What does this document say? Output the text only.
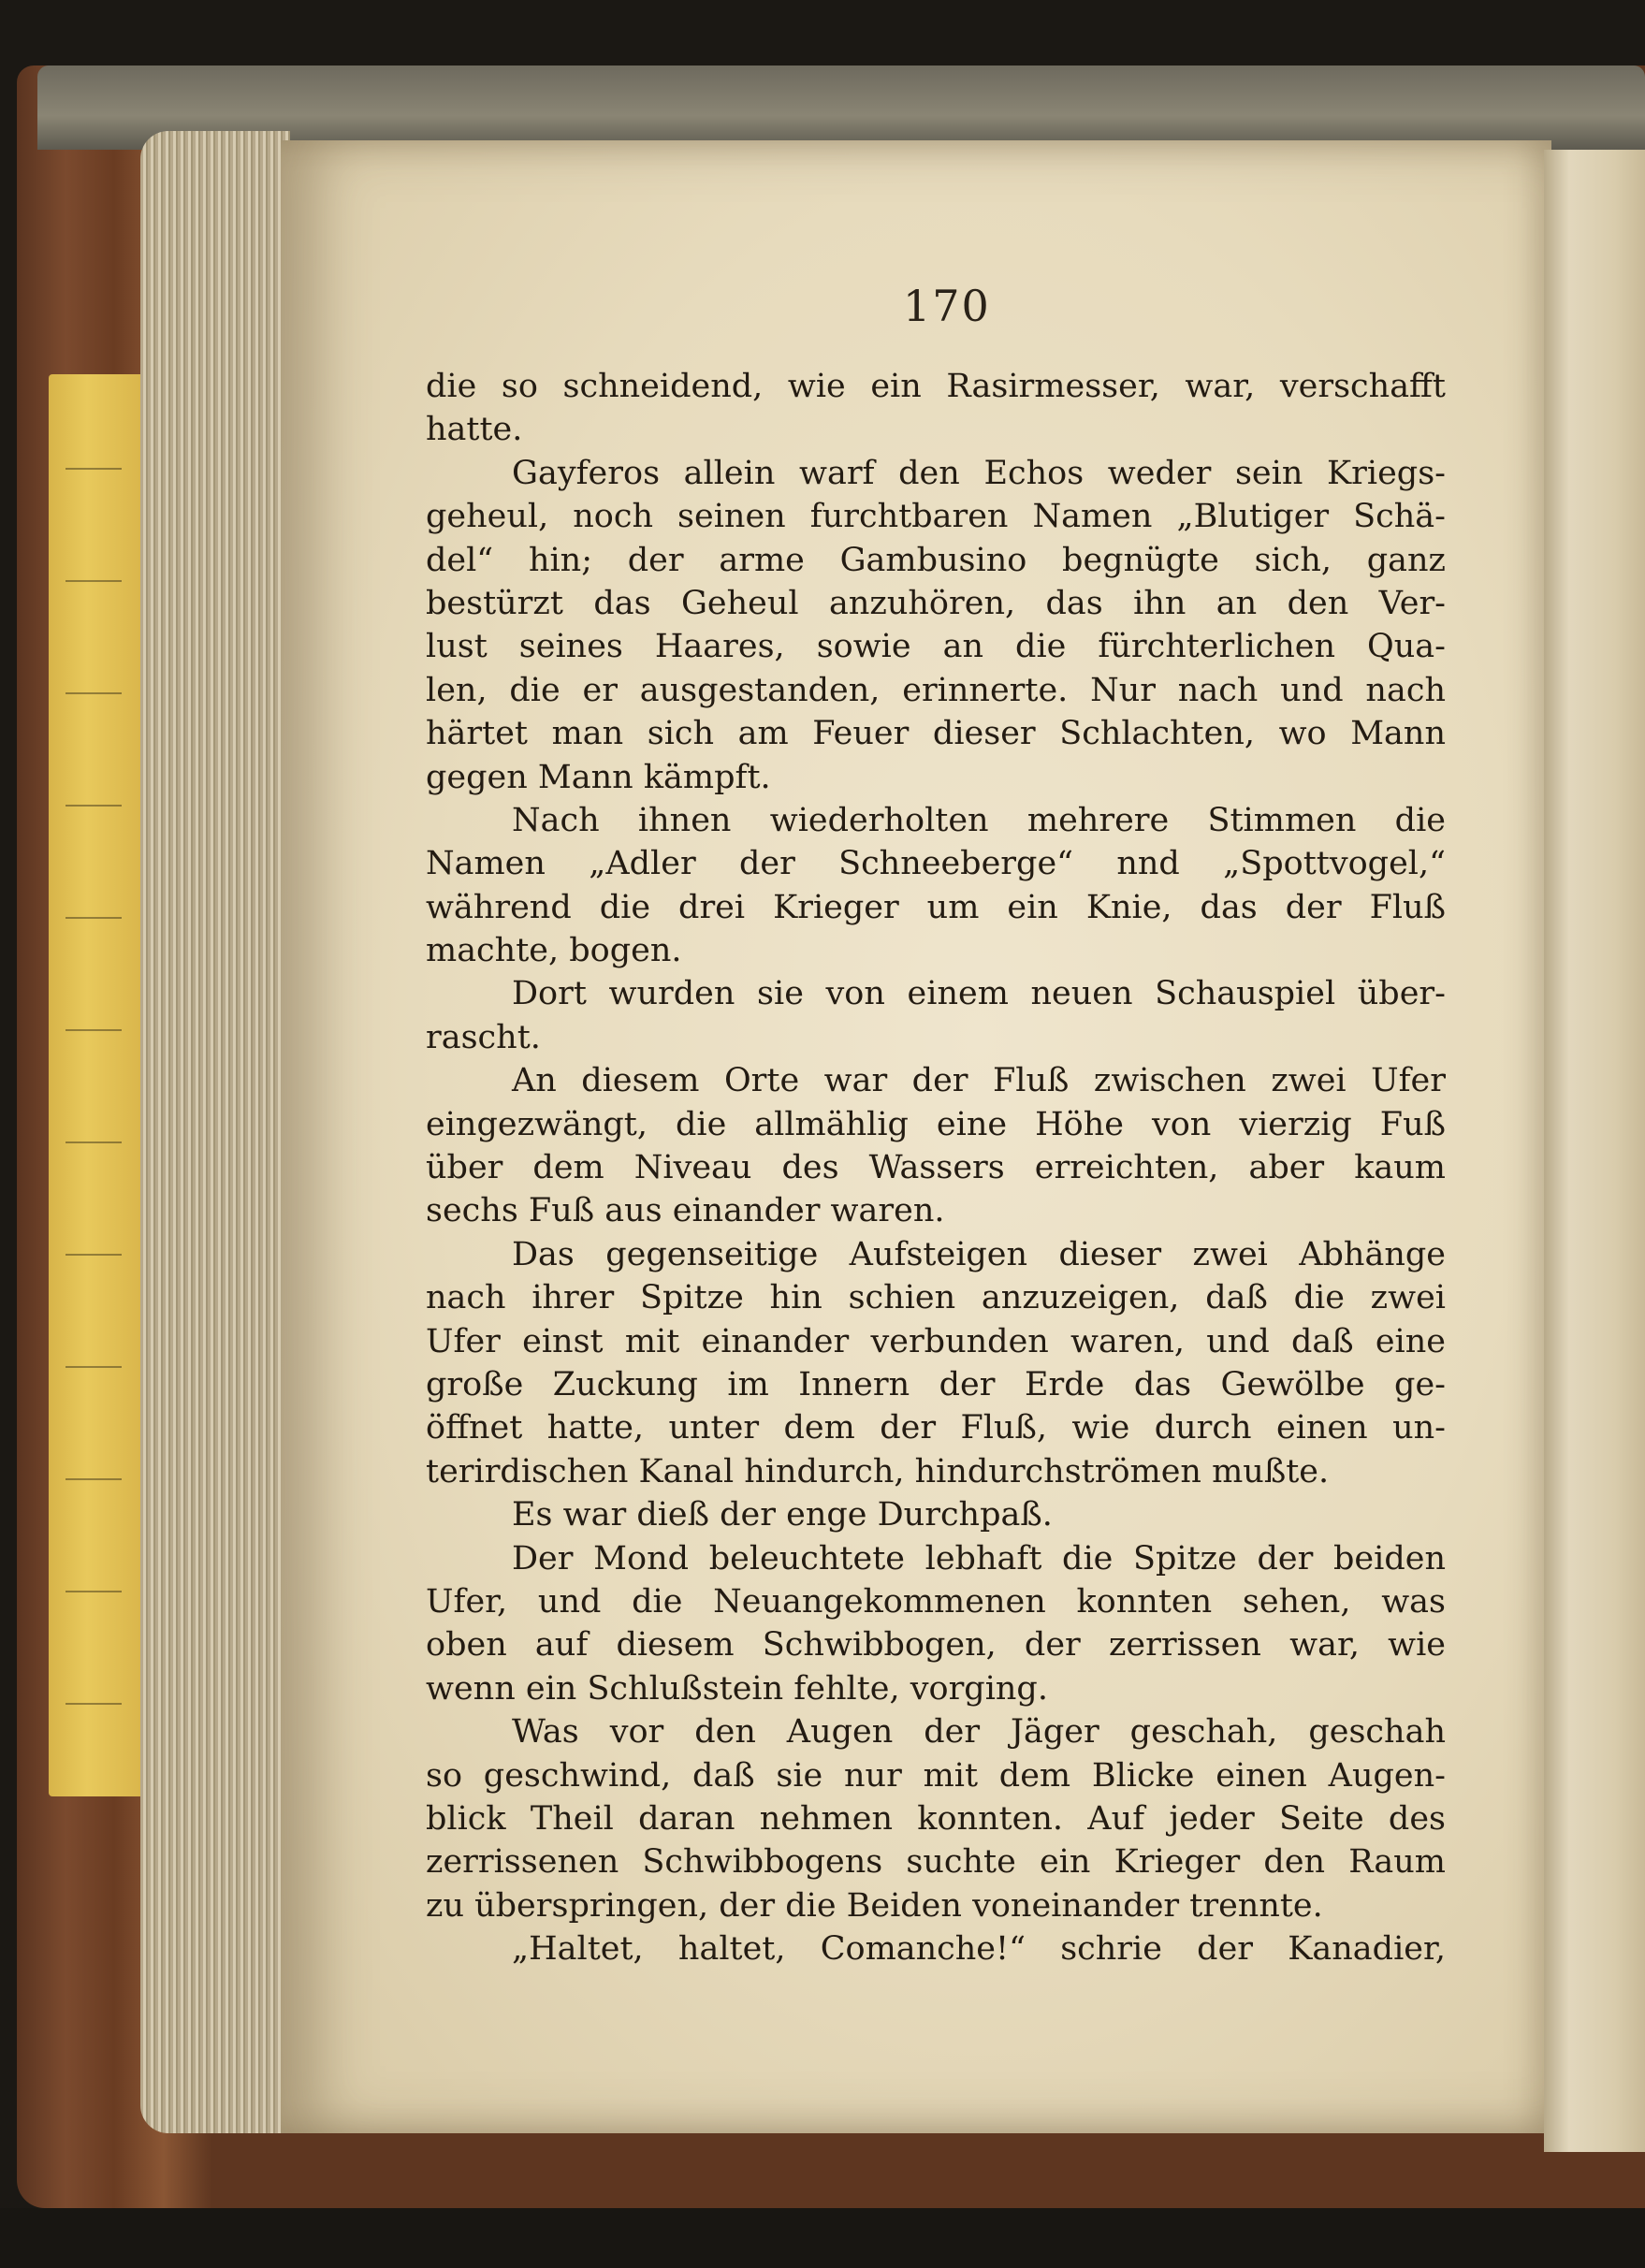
170
die so schneidend, wie ein Rasirmesser, war, verschafft
hatte.
Gayferos allein warf den Echos weder sein Kriegs-
geheul, noch seinen furchtbaren Namen „Blutiger Schä-
del“ hin; der arme Gambusino begnügte sich, ganz
bestürzt das Geheul anzuhören, das ihn an den Ver-
lust seines Haares, sowie an die fürchterlichen Qua-
len, die er ausgestanden, erinnerte. Nur nach und nach
härtet man sich am Feuer dieser Schlachten, wo Mann
gegen Mann kämpft.
Nach ihnen wiederholten mehrere Stimmen die
Namen „Adler der Schneeberge“ nnd „Spottvogel,“
während die drei Krieger um ein Knie, das der Fluß
machte, bogen.
Dort wurden sie von einem neuen Schauspiel über-
rascht.
An diesem Orte war der Fluß zwischen zwei Ufer
eingezwängt, die allmählig eine Höhe von vierzig Fuß
über dem Niveau des Wassers erreichten, aber kaum
sechs Fuß aus einander waren.
Das gegenseitige Aufsteigen dieser zwei Abhänge
nach ihrer Spitze hin schien anzuzeigen, daß die zwei
Ufer einst mit einander verbunden waren, und daß eine
große Zuckung im Innern der Erde das Gewölbe ge-
öffnet hatte, unter dem der Fluß, wie durch einen un-
terirdischen Kanal hindurch, hindurchströmen mußte.
Es war dieß der enge Durchpaß.
Der Mond beleuchtete lebhaft die Spitze der beiden
Ufer, und die Neuangekommenen konnten sehen, was
oben auf diesem Schwibbogen, der zerrissen war, wie
wenn ein Schlußstein fehlte, vorging.
Was vor den Augen der Jäger geschah, geschah
so geschwind, daß sie nur mit dem Blicke einen Augen-
blick Theil daran nehmen konnten. Auf jeder Seite des
zerrissenen Schwibbogens suchte ein Krieger den Raum
zu überspringen, der die Beiden voneinander trennte.
„Haltet, haltet, Comanche!“ schrie der Kanadier,
